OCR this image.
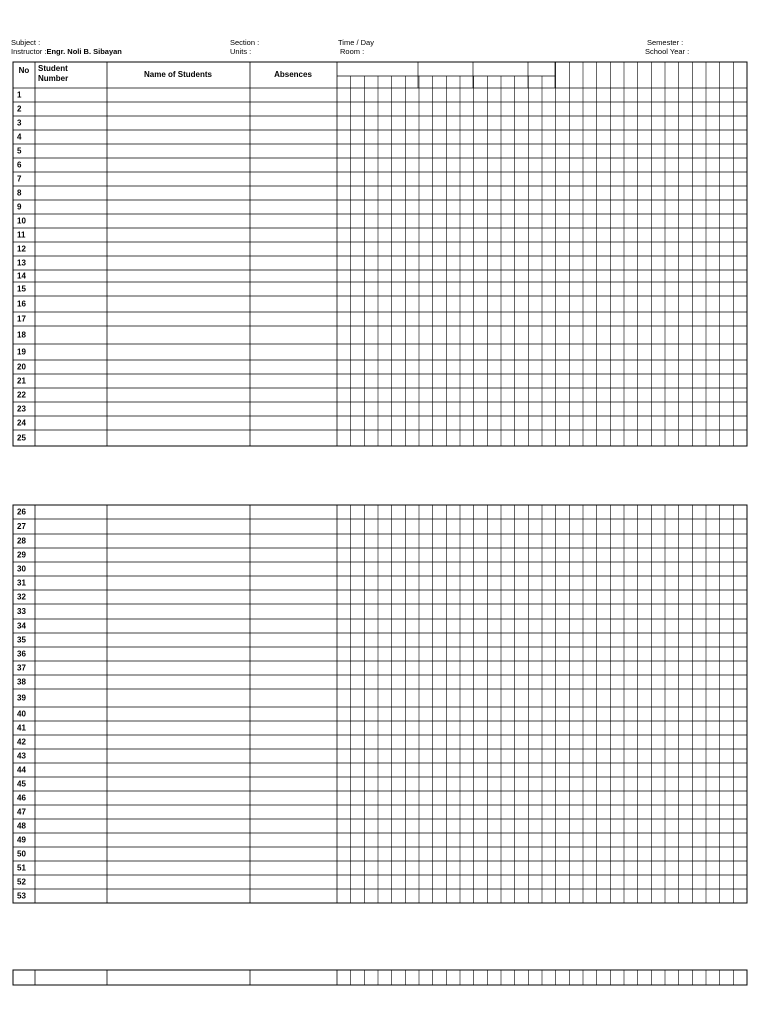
Subject :
Instructor :Engr. Noli B. Sibayan
Section :
Units :
Time / Day
Room :
Semester :
School Year :
No Student
Number	Name of Students	Absences
1
2
3
4
5
6
7
8
9
10
11
12
13
14
15
16
17
18
19
20
21
22
23
24
25
26
27
28
29
30
31
32
33
34
35
36
37
38
39
40
41
42
43
44
45
46
47
48
49
50
51
52
53
